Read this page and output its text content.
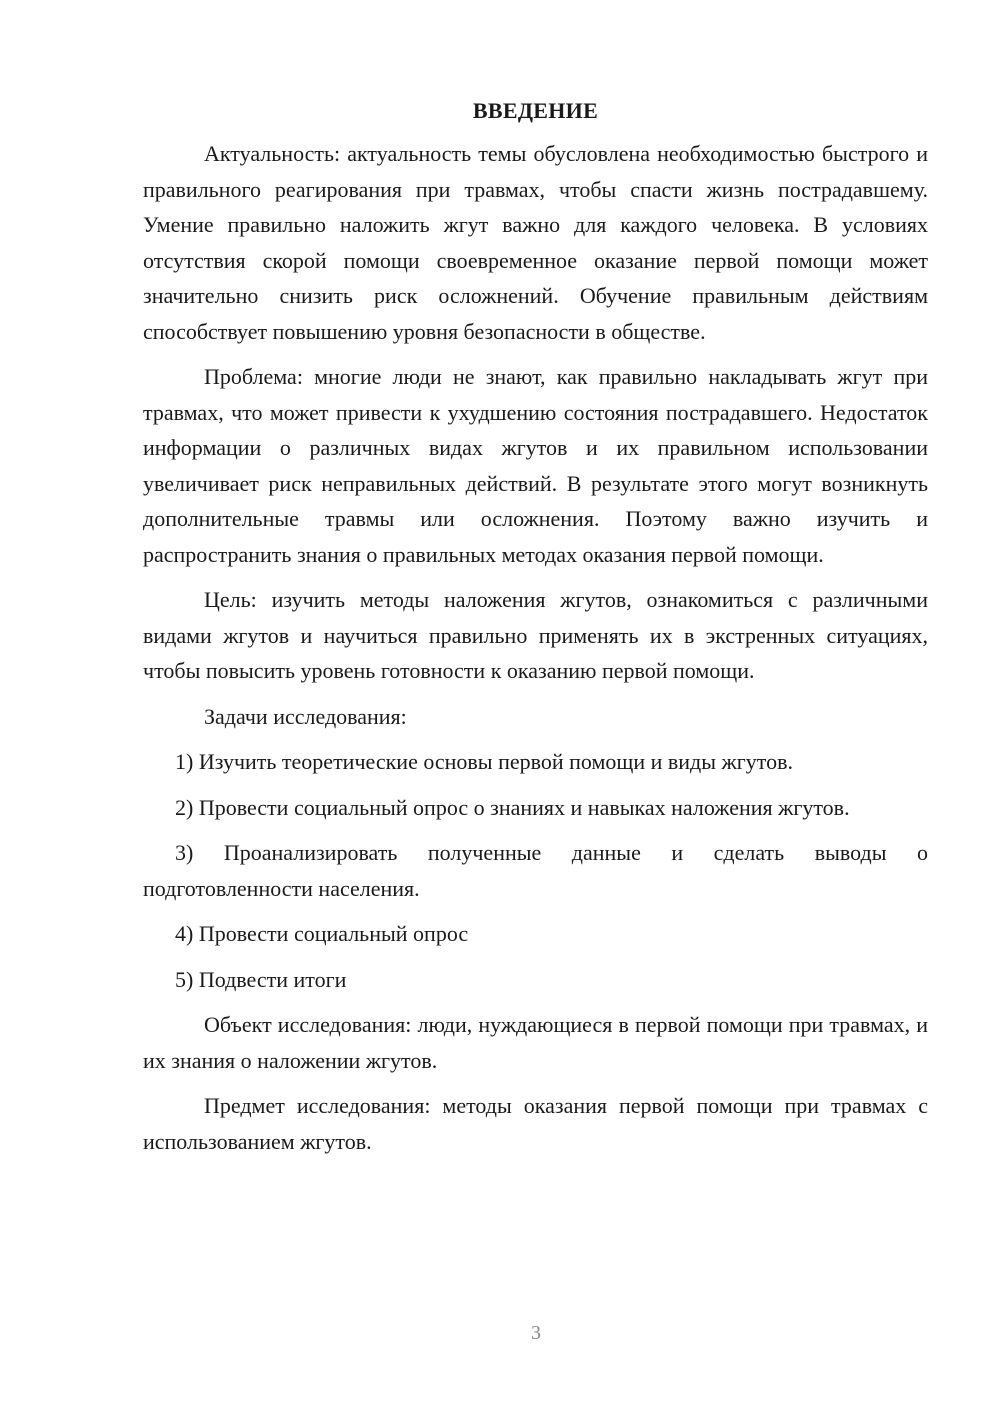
ВВЕДЕНИЕ

Актуальность: актуальность темы обусловлена необходимостью быстрого и правильного реагирования при травмах, чтобы спасти жизнь пострадавшему. Умение правильно наложить жгут важно для каждого человека. В условиях отсутствия скорой помощи своевременное оказание первой помощи может значительно снизить риск осложнений. Обучение правильным действиям способствует повышению уровня безопасности в обществе.

Проблема: многие люди не знают, как правильно накладывать жгут при травмах, что может привести к ухудшению состояния пострадавшего. Недостаток информации о различных видах жгутов и их правильном использовании увеличивает риск неправильных действий. В результате этого могут возникнуть дополнительные травмы или осложнения. Поэтому важно изучить и распространить знания о правильных методах оказания первой помощи.

Цель: изучить методы наложения жгутов, ознакомиться с различными видами жгутов и научиться правильно применять их в экстренных ситуациях, чтобы повысить уровень готовности к оказанию первой помощи.

Задачи исследования:

1) Изучить теоретические основы первой помощи и виды жгутов.

2) Провести социальный опрос о знаниях и навыках наложения жгутов.

3) Проанализировать полученные данные и сделать выводы о подготовленности населения.

4) Провести социальный опрос

5) Подвести итоги

Объект исследования: люди, нуждающиеся в первой помощи при травмах, и их знания о наложении жгутов.

Предмет исследования: методы оказания первой помощи при травмах с использованием жгутов.

3
